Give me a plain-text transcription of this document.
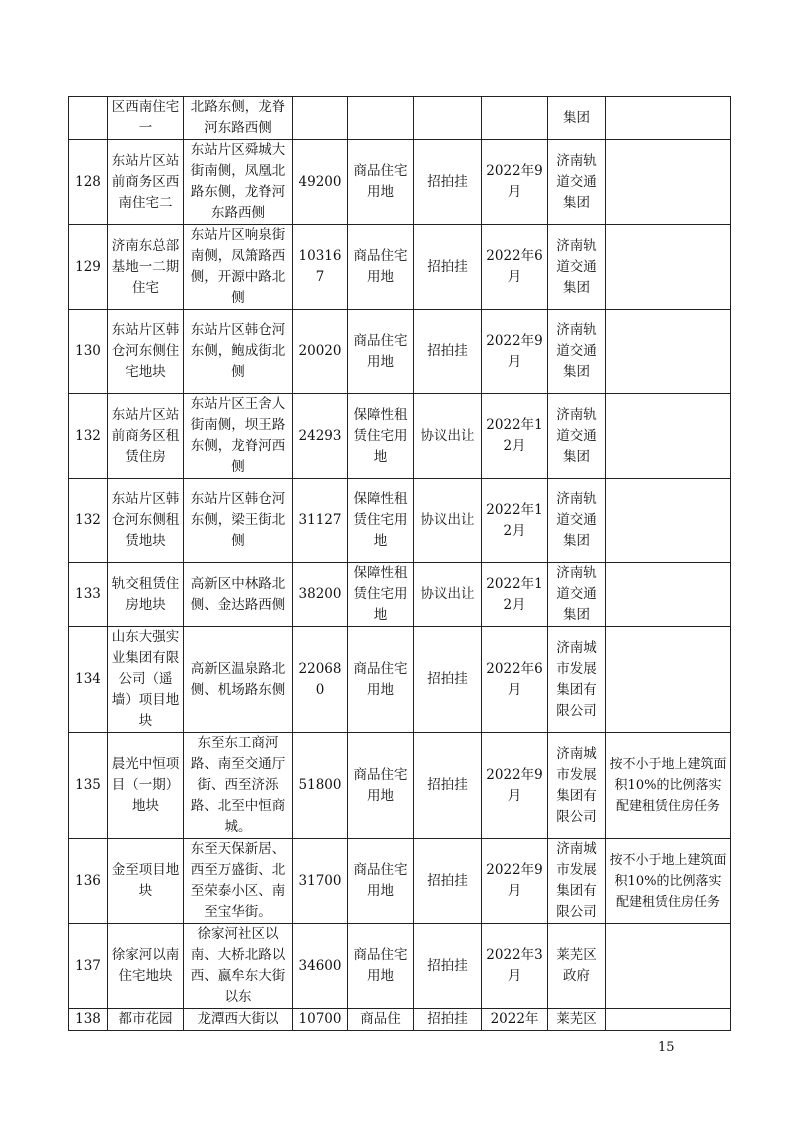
	区西南住宅一	北路东侧，龙脊河东路西侧					集团	
128	东站片区站前商务区西南住宅二	东站片区舜城大街南侧，凤凰北路东侧，龙脊河东路西侧	49200	商品住宅用地	招拍挂	2022年9月	济南轨道交通集团	
129	济南东总部基地一二期住宅	东站片区响泉街南侧，凤箫路西侧，开源中路北侧	103167	商品住宅用地	招拍挂	2022年6月	济南轨道交通集团	
130	东站片区韩仓河东侧住宅地块	东站片区韩仓河东侧，鲍成街北侧	20020	商品住宅用地	招拍挂	2022年9月	济南轨道交通集团	
132	东站片区站前商务区租赁住房	东站片区王舍人街南侧，坝王路东侧，龙脊河西侧	24293	保障性租赁住宅用地	协议出让	2022年12月	济南轨道交通集团	
132	东站片区韩仓河东侧租赁地块	东站片区韩仓河东侧，梁王街北侧	31127	保障性租赁住宅用地	协议出让	2022年12月	济南轨道交通集团	
133	轨交租赁住房地块	高新区中林路北侧、金达路西侧	38200	保障性租赁住宅用地	协议出让	2022年12月	济南轨道交通集团	
134	山东大强实业集团有限公司（遥墙）项目地块	高新区温泉路北侧、机场路东侧	220680	商品住宅用地	招拍挂	2022年6月	济南城市发展集团有限公司	
135	晨光中恒项目（一期）地块	东至东工商河路、南至交通厅街、西至济泺路、北至中恒商城。	51800	商品住宅用地	招拍挂	2022年9月	济南城市发展集团有限公司	按不小于地上建筑面积10%的比例落实配建租赁住房任务
136	金至项目地块	东至天保新居、西至万盛街、北至荣泰小区、南至宝华街。	31700	商品住宅用地	招拍挂	2022年9月	济南城市发展集团有限公司	按不小于地上建筑面积10%的比例落实配建租赁住房任务
137	徐家河以南住宅地块	徐家河社区以南、大桥北路以西、嬴牟东大街以东	34600	商品住宅用地	招拍挂	2022年3月	莱芜区政府	
138	都市花园	龙潭西大街以	10700	商品住	招拍挂	2022年	莱芜区	
15
